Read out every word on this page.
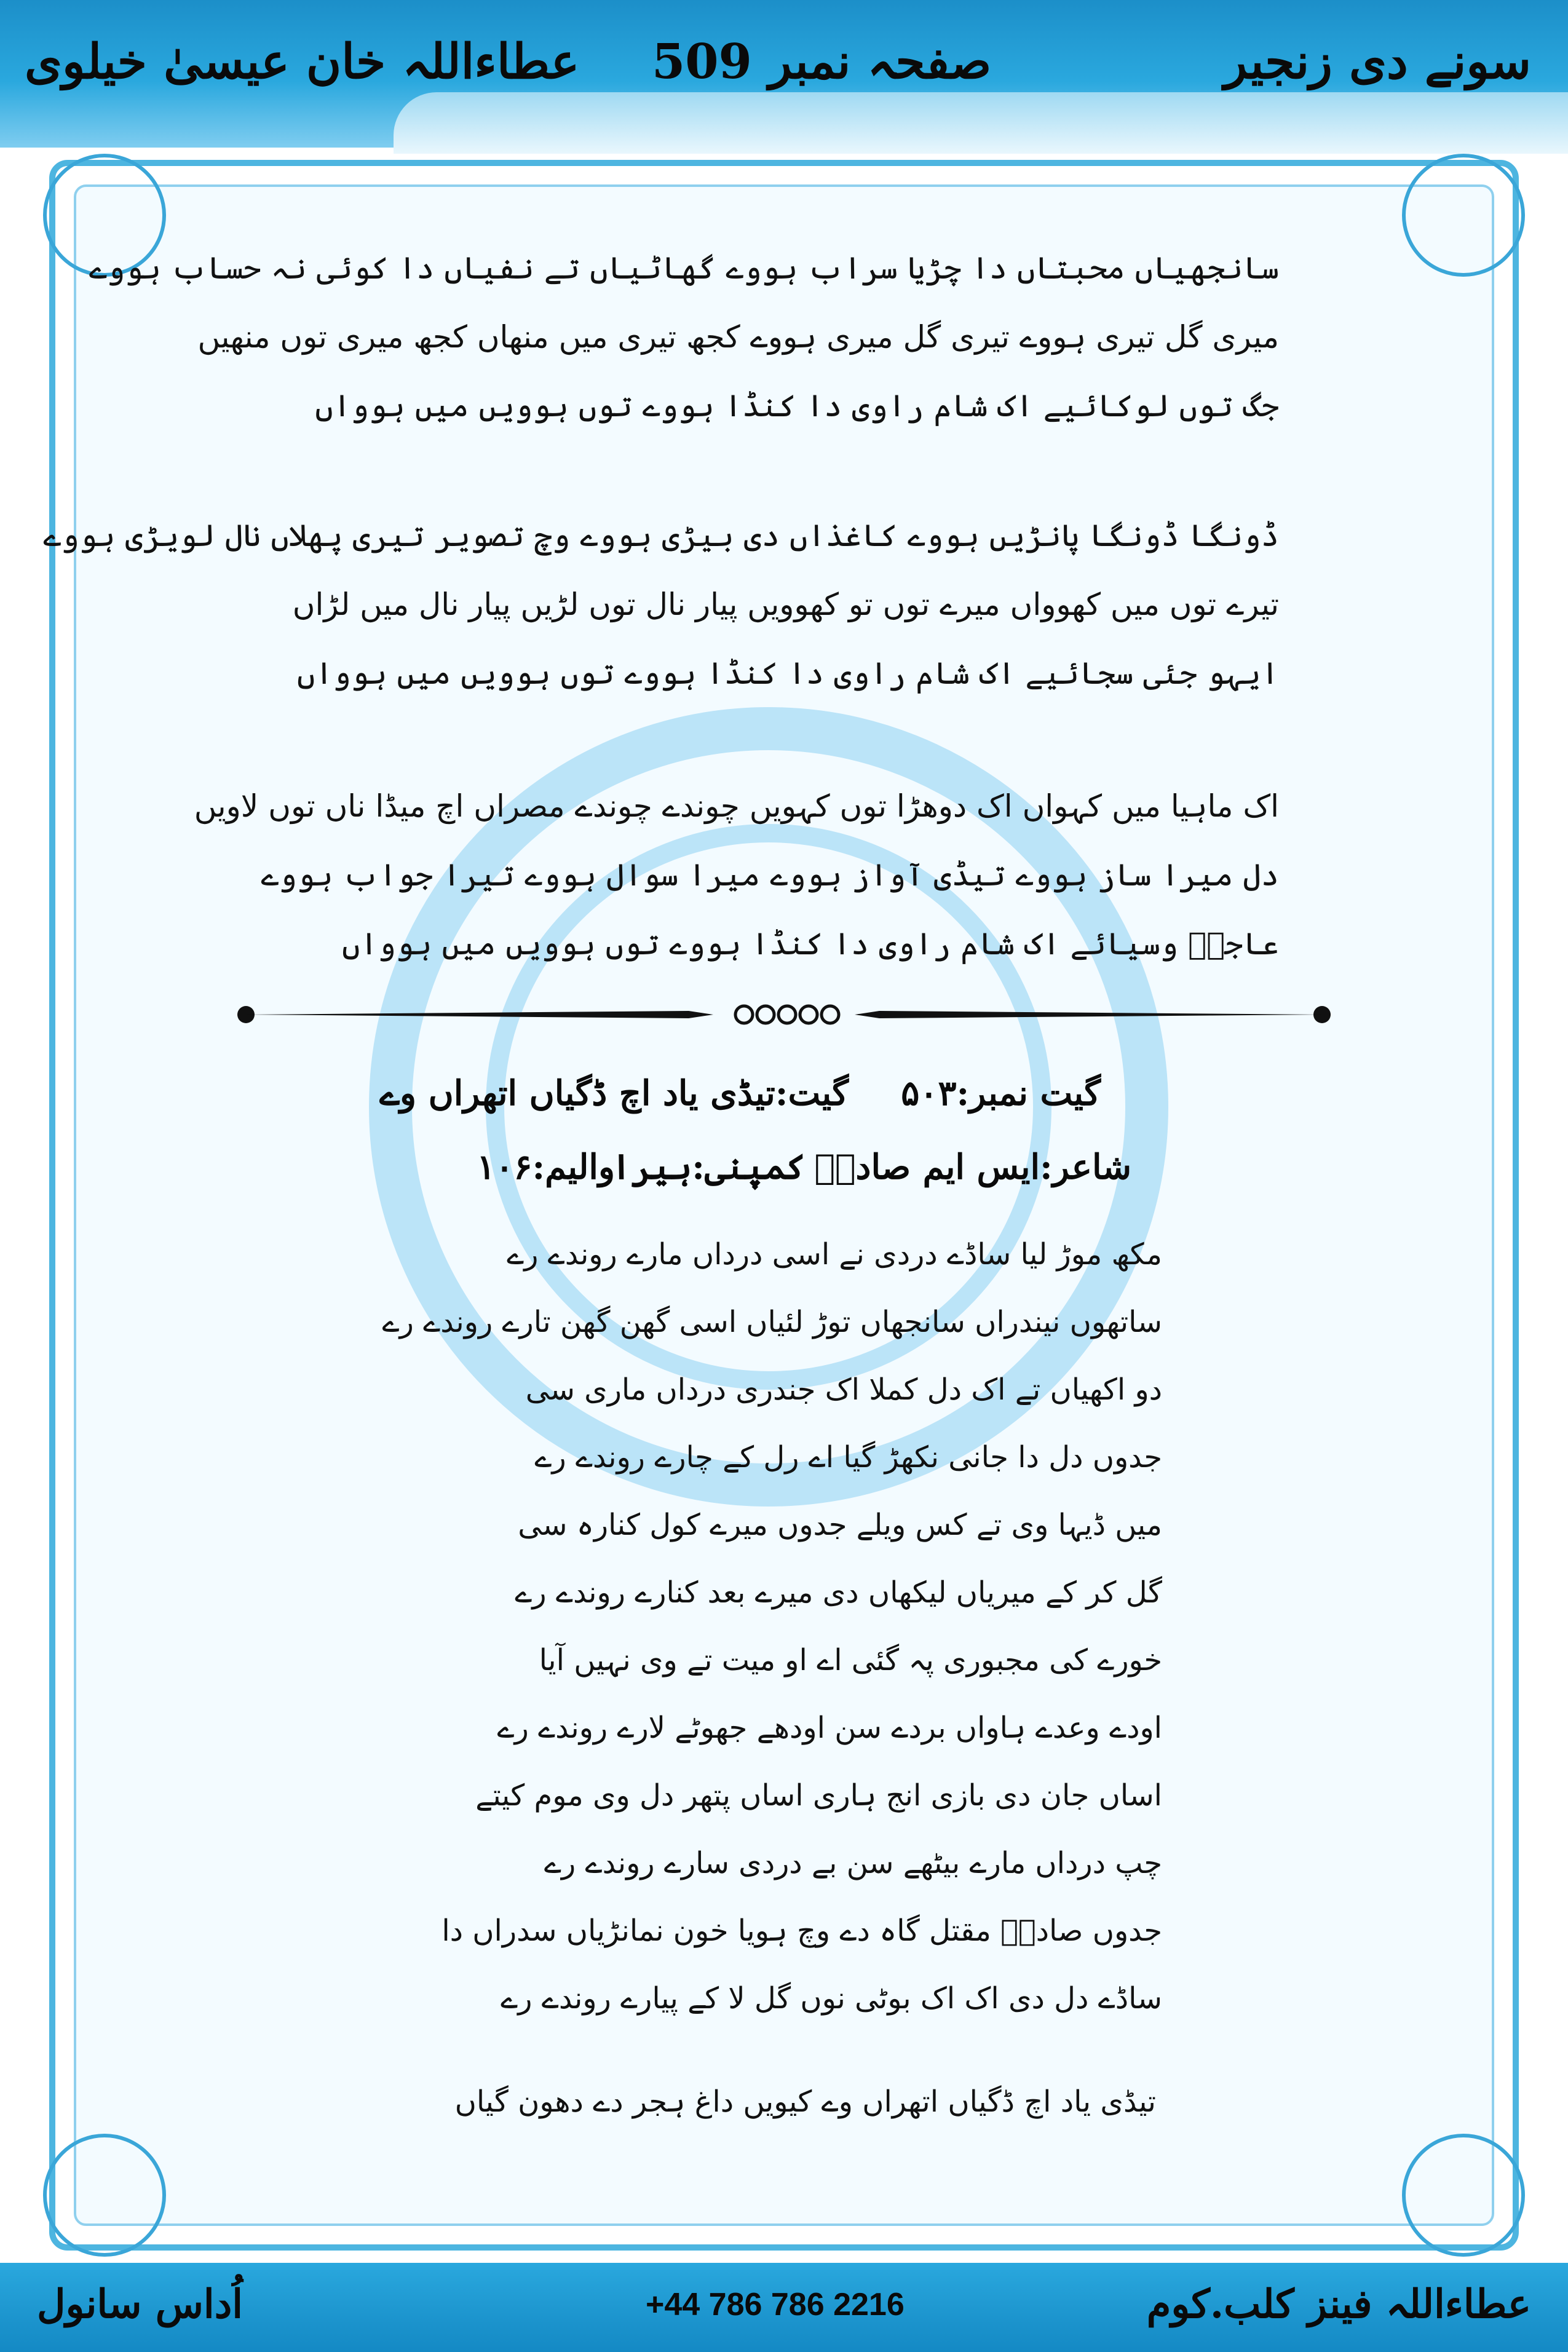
سونے دی زنجیر
صفحہ نمبر 509
عطاءاللہ خان عیسیٰ خیلوی
سانجھیاں محبتاں دا چڑیا سراب ہووے گھاٹیاں تے نفیاں دا کوئی نہ حساب ہووے
میری گل تیری ہووے تیری گل میری ہووے کجھ تیری میں منھاں کجھ میری توں منھیں
جگ توں لوکائیے اک شام راوی دا کنڈا ہووے توں ہوویں میں ہوواں
ڈونگا ڈونگا پانڑیں ہووے کاغذاں دی بیڑی ہووے وچ تصویر تیری پھلاں نال لویڑی ہووے
تیرے توں میں کھوواں میرے توں تو کھوویں پیار نال توں لڑیں پیار نال میں لڑاں
ایہو جئی سجائیے اک شام راوی دا کنڈا ہووے توں ہوویں میں ہوواں
اک ماہیا میں کہواں اک دوھڑا توں کہویں چوندے چوندے مصراں اچ میڈا ناں توں لاویں
دل میرا ساز ہووے تیڈی آواز ہووے میرا سوال ہووے تیرا جواب ہووے
عاجزؔ وسیائے اک شام راوی دا کنڈا ہووے توں ہوویں میں ہوواں
گیت نمبر:۵۰۳
گیت:تیڈی یاد اچ ڈگیاں اتھراں وے
شاعر:ایس ایم صادقؔ
کمپنی:ہیرا
والیم:۱۰۶
مکھ موڑ لیا ساڈے دردی نے اسی درداں مارے روندے رے
ساتھوں نیندراں سانجھاں توڑ لئیاں اسی گھن گھن تارے روندے رے
دو اکھیاں تے اک دل کملا اک جندری درداں ماری سی
جدوں دل دا جانی نکھڑ گیا اے رل کے چارے روندے رے
میں ڈیہا وی تے کس ویلے جدوں میرے کول کنارہ سی
گل کر کے میریاں لیکھاں دی میرے بعد کنارے روندے رے
خورے کی مجبوری پہ گئی اے او میت تے وی نہیں آیا
اودے وعدے ہاواں بردے سن اودھے جھوٹے لارے روندے رے
اساں جان دی بازی انج ہاری اساں پتھر دل وی موم کیتے
چپ درداں مارے بیٹھے سن بے دردی سارے روندے رے
جدوں صادقؔ مقتل گاہ دے وچ ہویا خون نمانڑیاں سدراں دا
ساڈے دل دی اک اک بوٹی نوں گل لا کے پیارے روندے رے
تیڈی یاد اچ ڈگیاں اتھراں وے کیویں داغ ہجر دے دھون گیاں
اُداس سانول	+44 786 786 2216	عطاءاللہ فینز کلب.کوم
